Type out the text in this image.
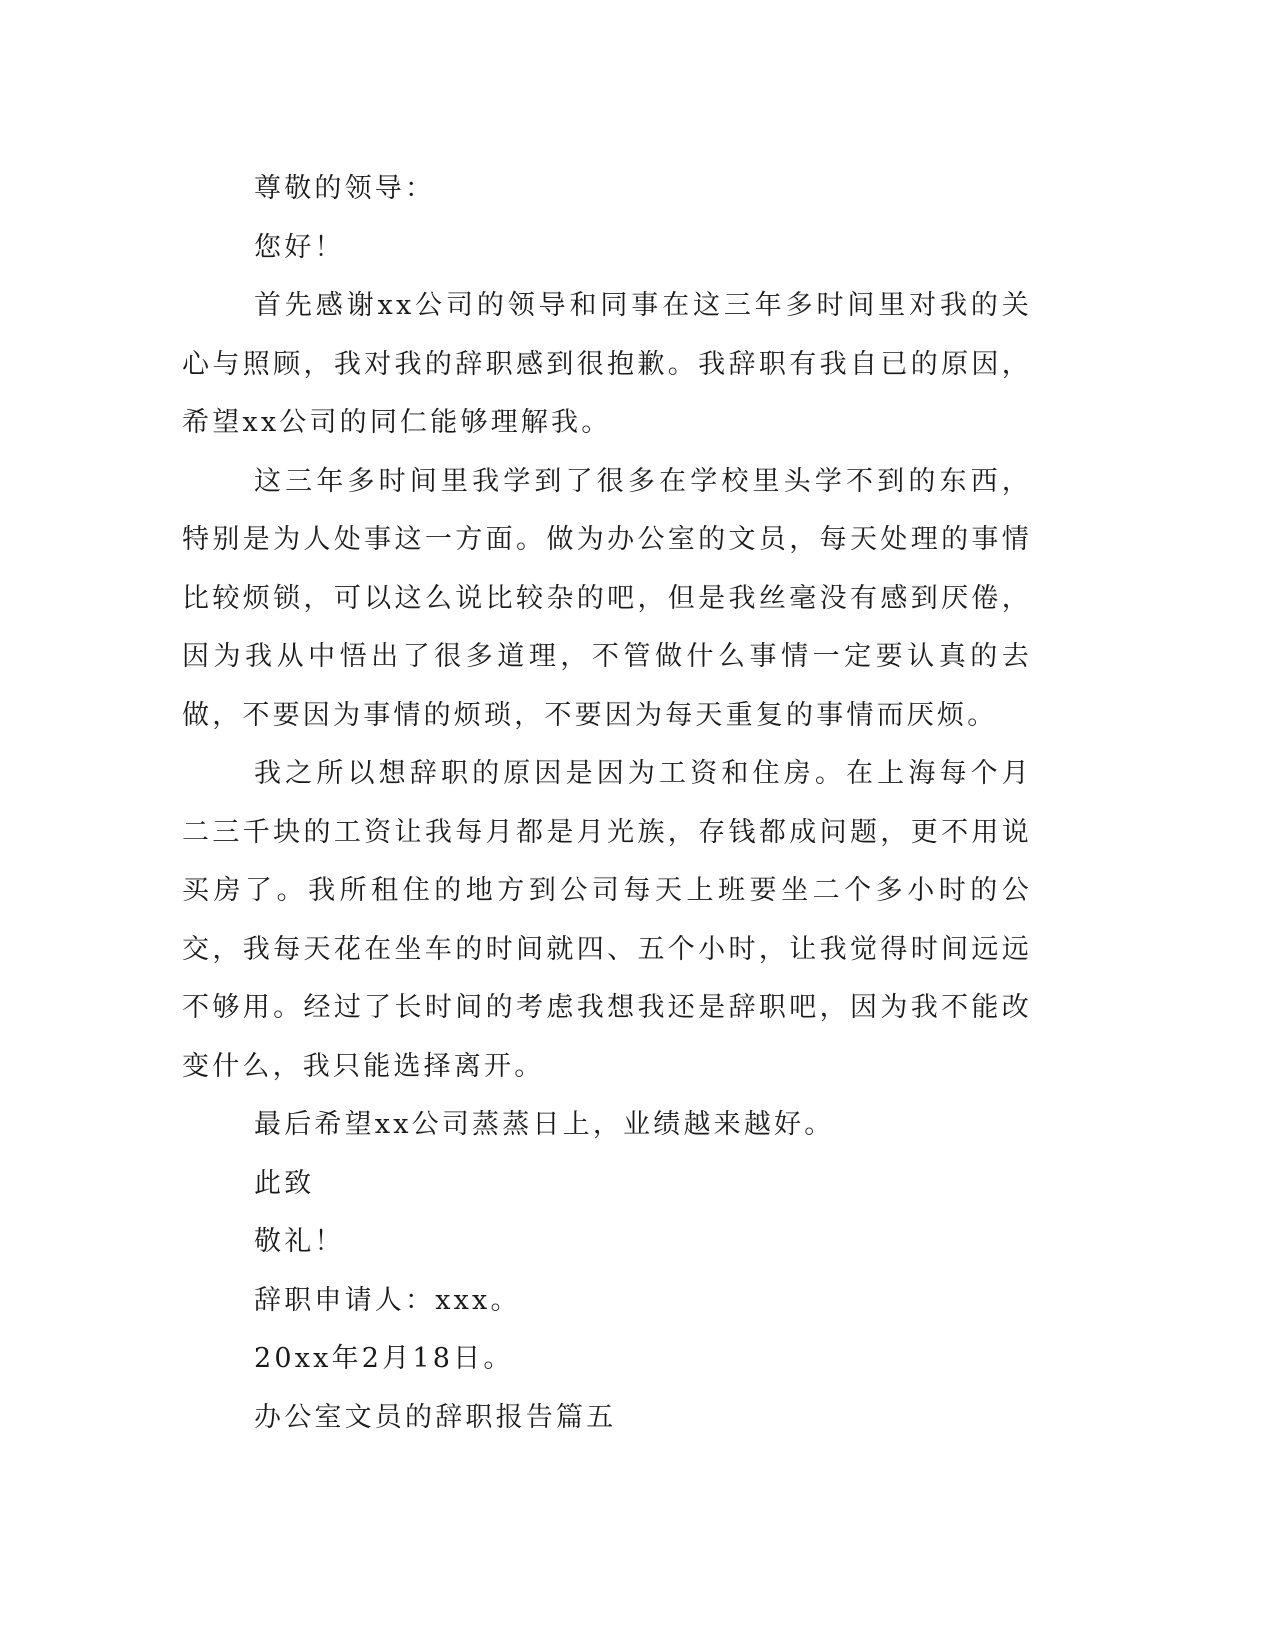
尊敬的领导：

您好！

首先感谢xx公司的领导和同事在这三年多时间里对我的关心与照顾，我对我的辞职感到很抱歉。我辞职有我自已的原因，希望xx公司的同仁能够理解我。

这三年多时间里我学到了很多在学校里头学不到的东西，特别是为人处事这一方面。做为办公室的文员，每天处理的事情比较烦锁，可以这么说比较杂的吧，但是我丝毫没有感到厌倦，因为我从中悟出了很多道理，不管做什么事情一定要认真的去做，不要因为事情的烦琐，不要因为每天重复的事情而厌烦。

我之所以想辞职的原因是因为工资和住房。在上海每个月二三千块的工资让我每月都是月光族，存钱都成问题，更不用说买房了。我所租住的地方到公司每天上班要坐二个多小时的公交，我每天花在坐车的时间就四、五个小时，让我觉得时间远远不够用。经过了长时间的考虑我想我还是辞职吧，因为我不能改变什么，我只能选择离开。

最后希望xx公司蒸蒸日上，业绩越来越好。

此致

敬礼！

辞职申请人：xxx。

20xx年2月18日。

办公室文员的辞职报告篇五
